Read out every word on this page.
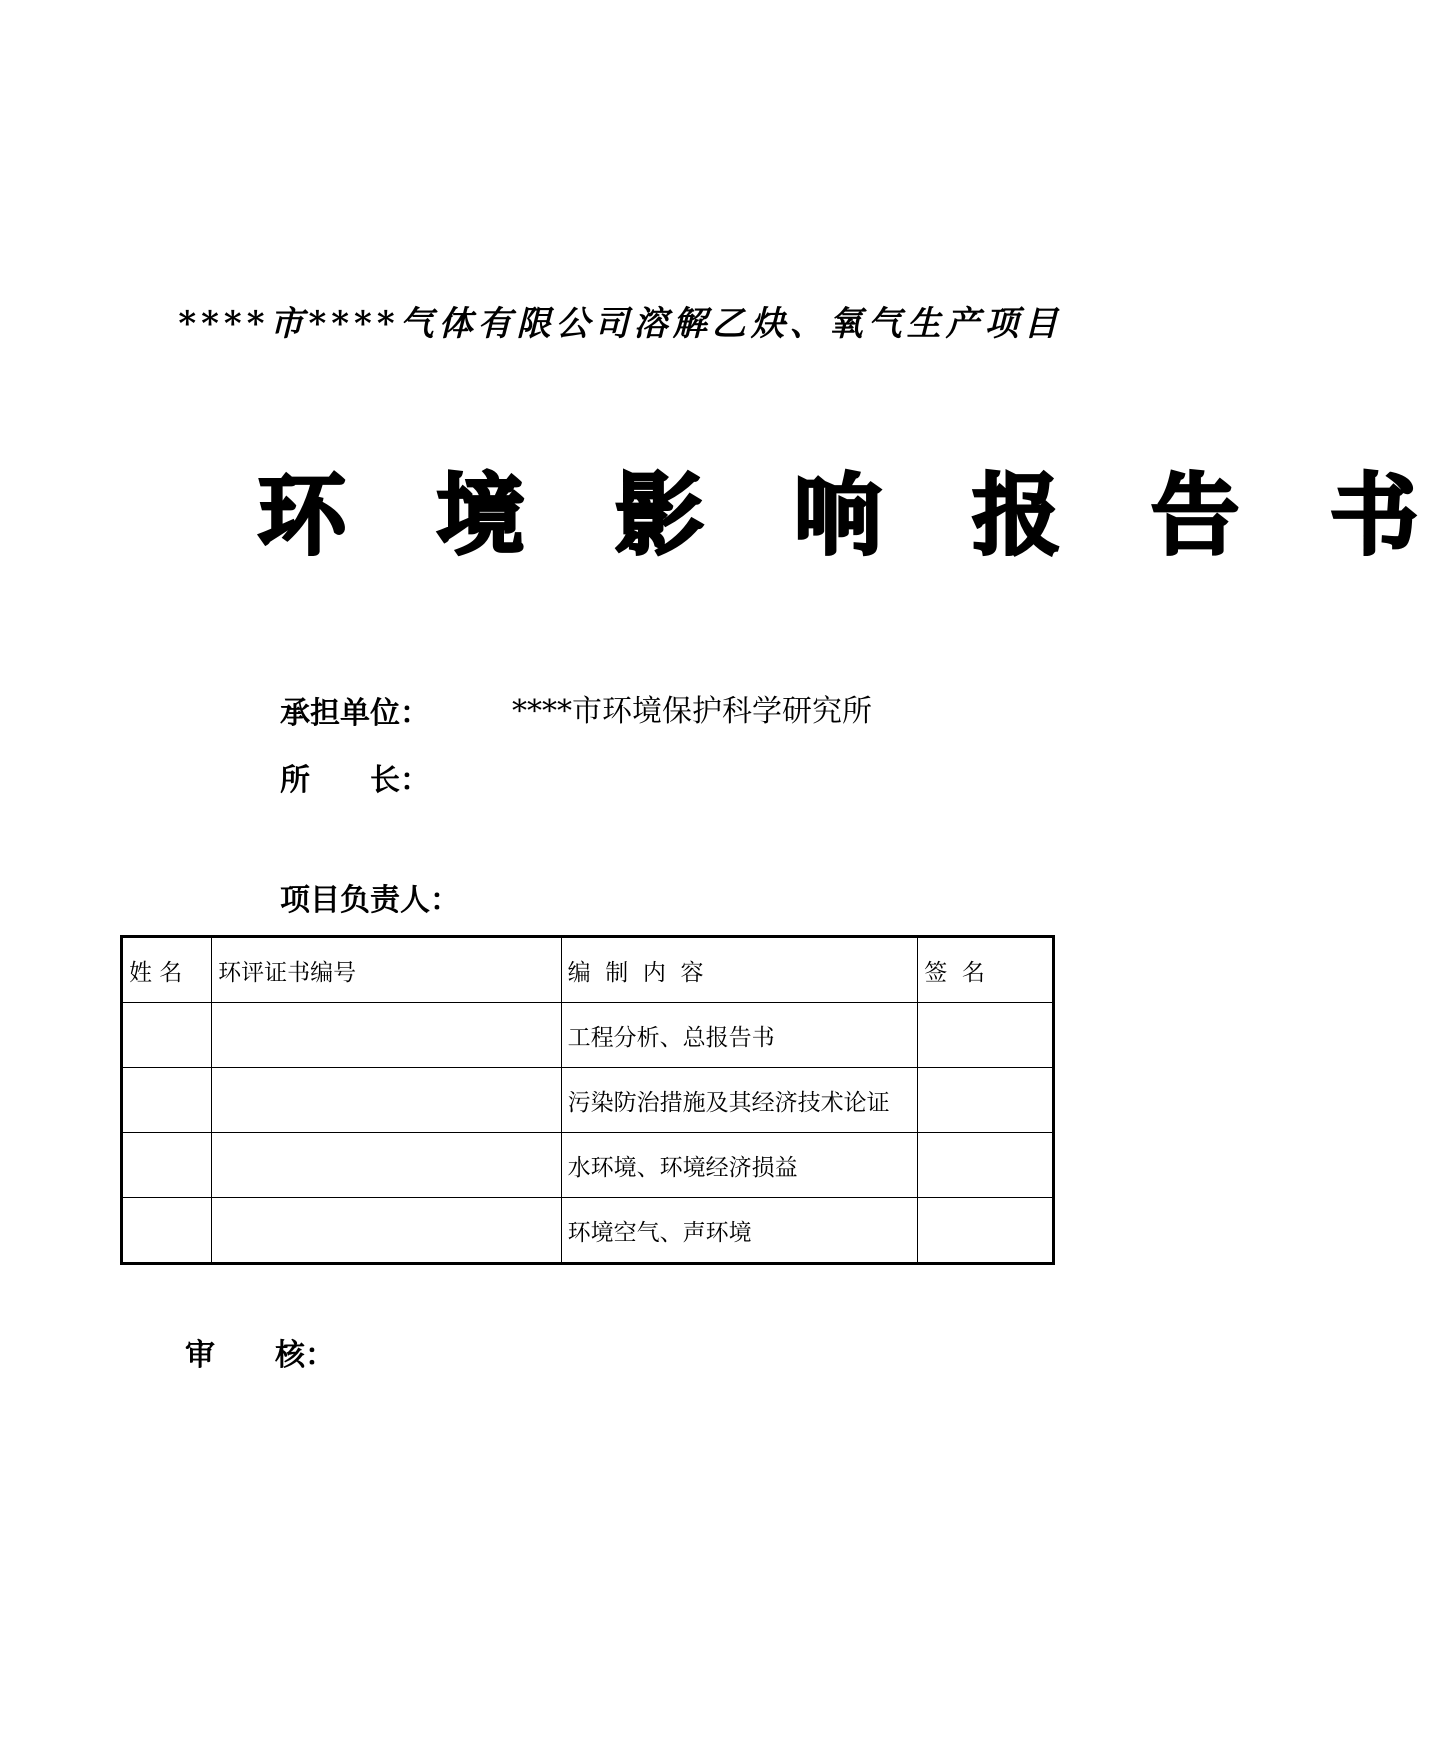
****市****气体有限公司溶解乙炔、氧气生产项目
环 境 影 响 报 告 书
承担单位：	****市环境保护科学研究所
所　　长：
项目负责人：
姓 名	环评证书编号	编  制  内  容	签  名
		工程分析、总报告书	
		污染防治措施及其经济技术论证	
		水环境、环境经济损益	
		环境空气、声环境	
审　　核：
